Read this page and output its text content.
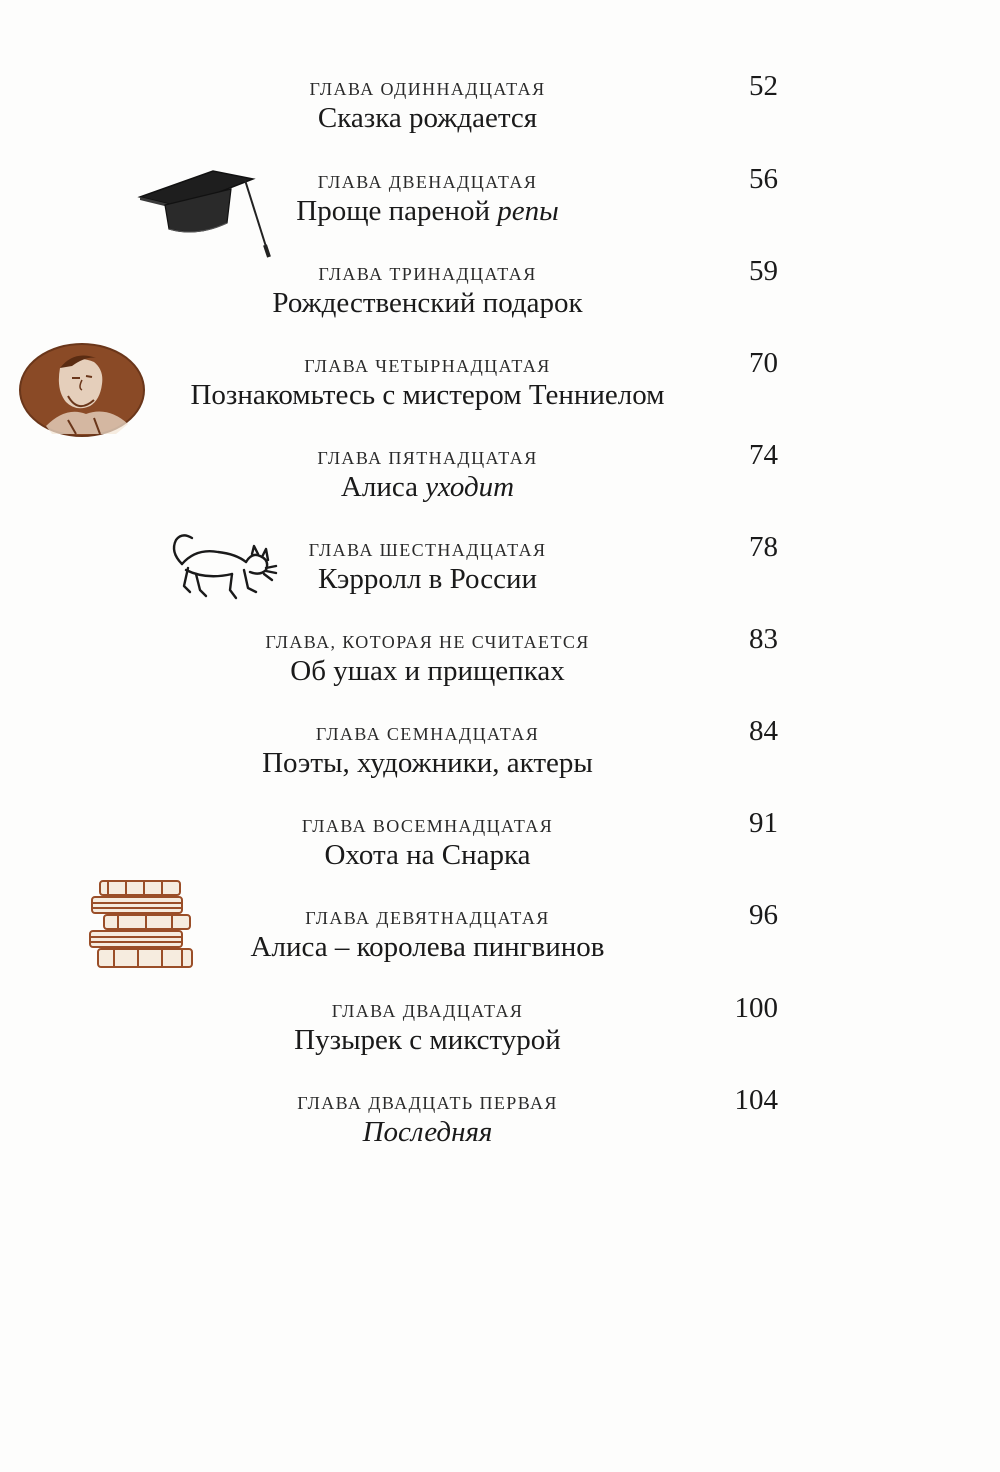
ГЛАВА ОДИННАДЦАТАЯ
Сказка рождается
52
ГЛАВА ДВЕНАДЦАТАЯ
Проще пареной репы
56
ГЛАВА ТРИНАДЦАТАЯ
Рождественский подарок
59
ГЛАВА ЧЕТЫРНАДЦАТАЯ
Познакомьтесь с мистером Тенниелом
70
ГЛАВА ПЯТНАДЦАТАЯ
Алиса уходит
74
ГЛАВА ШЕСТНАДЦАТАЯ
Кэрролл в России
78
ГЛАВА, КОТОРАЯ НЕ СЧИТАЕТСЯ
Об ушах и прищепках
83
ГЛАВА СЕМНАДЦАТАЯ
Поэты, художники, актеры
84
ГЛАВА ВОСЕМНАДЦАТАЯ
Охота на Снарка
91
ГЛАВА ДЕВЯТНАДЦАТАЯ
Алиса – королева пингвинов
96
ГЛАВА ДВАДЦАТАЯ
Пузырек с микстурой
100
ГЛАВА ДВАДЦАТЬ ПЕРВАЯ
Последняя
104
